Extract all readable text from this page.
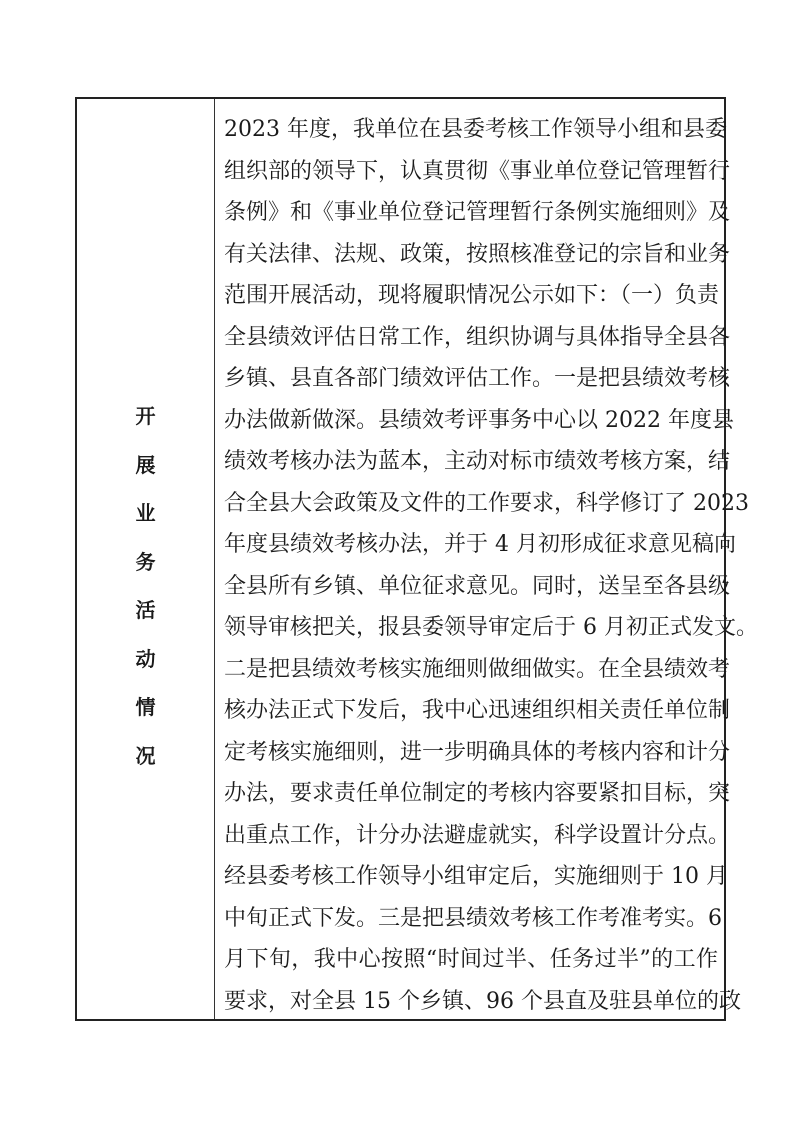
开
展
业
务
活
动
情
况
2023 年度，我单位在县委考核工作领导小组和县委
组织部的领导下，认真贯彻《事业单位登记管理暂行
条例》和《事业单位登记管理暂行条例实施细则》及
有关法律、法规、政策，按照核准登记的宗旨和业务
范围开展活动，现将履职情况公示如下：（一）负责
全县绩效评估日常工作，组织协调与具体指导全县各
乡镇、县直各部门绩效评估工作。一是把县绩效考核
办法做新做深。县绩效考评事务中心以 2022 年度县
绩效考核办法为蓝本，主动对标市绩效考核方案，结
合全县大会政策及文件的工作要求，科学修订了 2023
年度县绩效考核办法，并于 4 月初形成征求意见稿向
全县所有乡镇、单位征求意见。同时，送呈至各县级
领导审核把关，报县委领导审定后于 6 月初正式发文。
二是把县绩效考核实施细则做细做实。在全县绩效考
核办法正式下发后，我中心迅速组织相关责任单位制
定考核实施细则，进一步明确具体的考核内容和计分
办法，要求责任单位制定的考核内容要紧扣目标，突
出重点工作，计分办法避虚就实，科学设置计分点。
经县委考核工作领导小组审定后，实施细则于 10 月
中旬正式下发。三是把县绩效考核工作考准考实。6
月下旬，我中心按照“时间过半、任务过半”的工作
要求，对全县 15 个乡镇、96 个县直及驻县单位的政
